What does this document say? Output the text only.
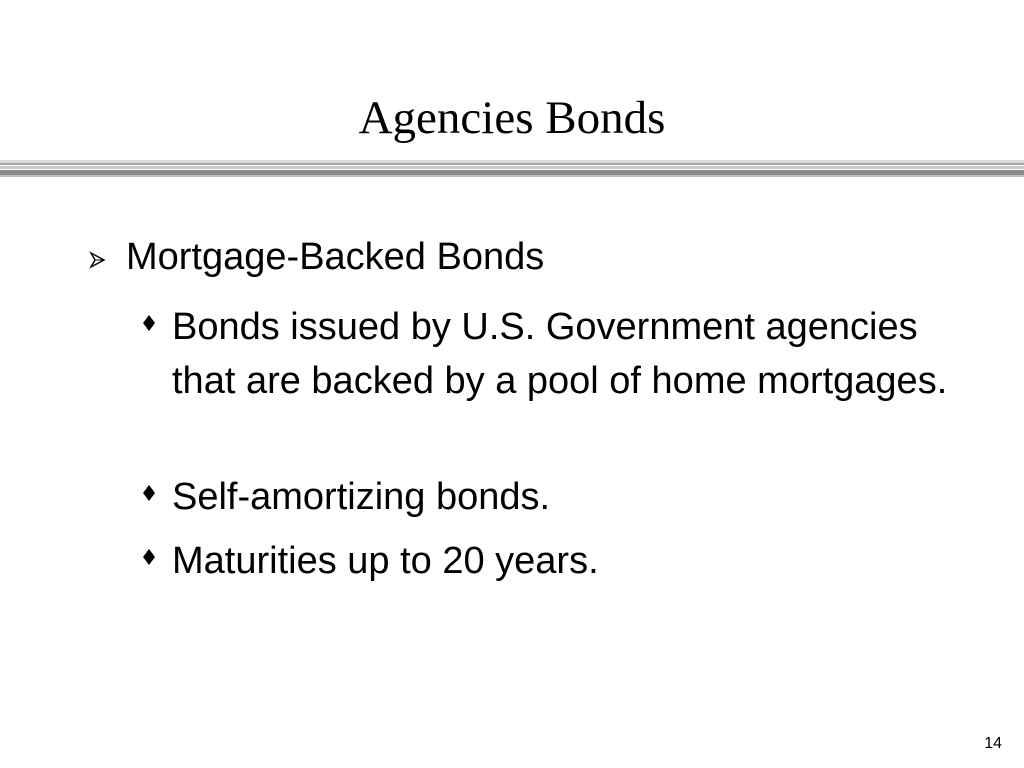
Agencies Bonds
Mortgage-Backed Bonds
Bonds issued by U.S. Government agencies that are backed by a pool of home mortgages.
Self-amortizing bonds.
Maturities up to 20 years.
14
